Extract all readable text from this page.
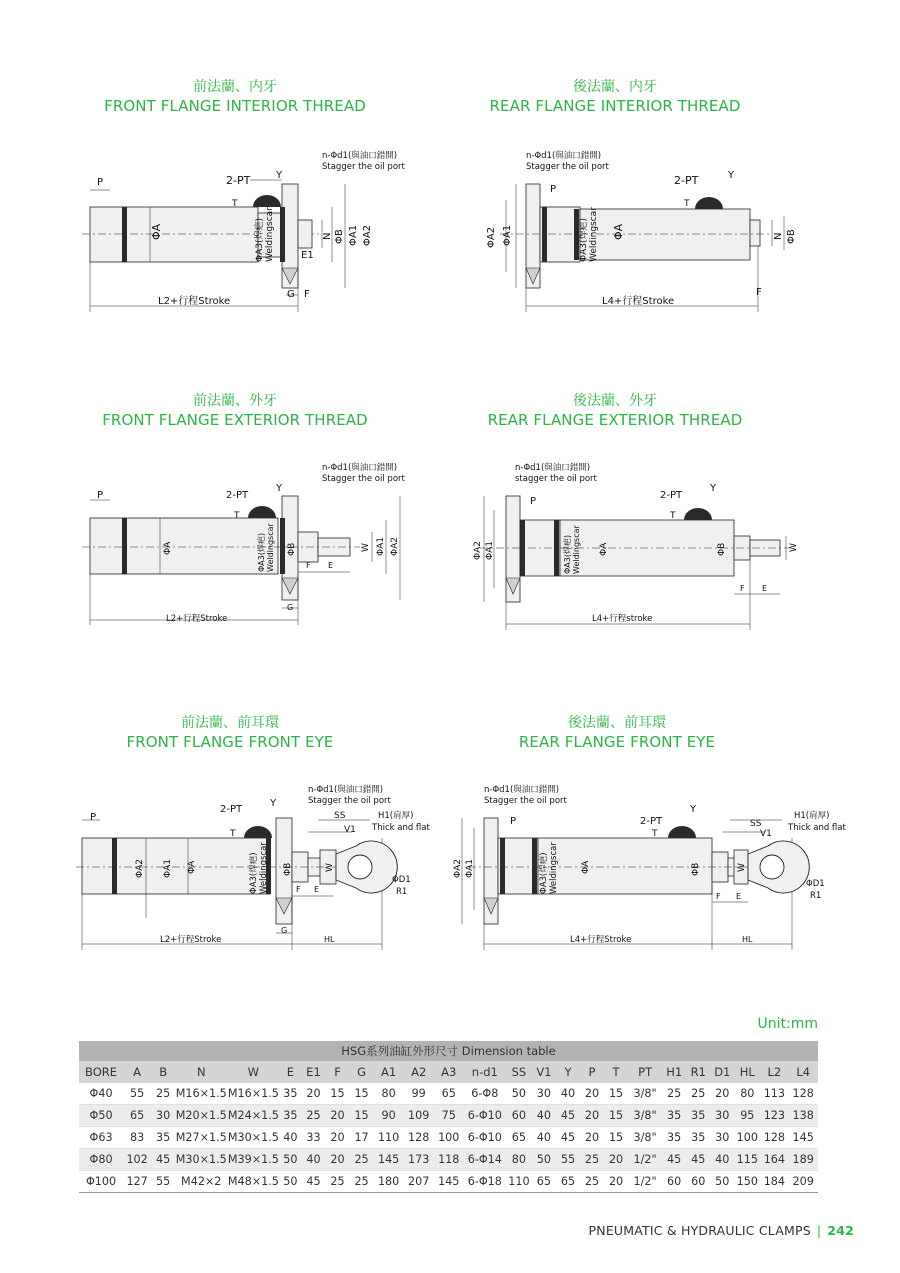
前法蘭、内牙
FRONT FLANGE INTERIOR THREAD
n-Φd1(與油口錯開)
Stagger the oil port
2-PT	Y
P
T
ΦA	ΦA3(焊疤) Weldingscar	N ΦB ΦA1 ΦA2
E1
G F
L2+行程Stroke
後法蘭、内牙
REAR FLANGE INTERIOR THREAD
n-Φd1(與油口錯開)
Stagger the oil port
2-PT	Y
P
T
ΦA2 ΦA1	ΦA3(焊疤) Weldingscar ΦA	N ΦB
F
L4+行程Stroke
前法蘭、外牙
FRONT FLANGE EXTERIOR THREAD
n-Φd1(與油口錯開)
Stagger the oil port
2-PT
Y
P
T
ΦA	ΦA3(焊疤) Weldingscar ΦB	W ΦA1 ΦA2
F E
G
L2+行程Stroke
後法蘭、外牙
REAR FLANGE EXTERIOR THREAD
n-Φd1(與油口錯開)
stagger the oil port
2-PT
Y
P
T
ΦA2 ΦA1	ΦA3(焊疤) Weldingscar ΦA	ΦB	W
F E
L4+行程stroke
前法蘭、前耳環
FRONT FLANGE FRONT EYE
n-Φd1(與油口錯開)
Stagger the oil port
2-PT
Y
P
T
SS
V1
H1(肩厚)
Thick and flat
ΦD1
R1
ΦA2 ΦA1 ΦA	ΦA3(焊疤) Weldingscar ΦB	W
F E
G
HL
L2+行程Stroke
後法蘭、前耳環
REAR FLANGE FRONT EYE
n-Φd1(與油口錯開)
Stagger the oil port
2-PT
Y
P
T
SS
V1
H1(肩厚)
Thick and flat
ΦD1
R1
ΦA2 ΦA1	ΦA3(焊疤) Weldingscar ΦA	ΦB	W
F E
HL
L4+行程Stroke
Unit:mm
HSG系列油缸外形尺寸 Dimension table																								
BORE	A	B	N	W	E	E1	F	G	A1	A2	A3	n-d1	SS	V1	Y	P	T	PT	H1	R1	D1	HL	L2	L4
Φ40	55	25	M16×1.5	M16×1.5	35	20	15	15	80	99	65	6-Φ8	50	30	40	20	15	3/8"	25	25	20	80	113	128
Φ50	65	30	M20×1.5	M24×1.5	35	25	20	15	90	109	75	6-Φ10	60	40	45	20	15	3/8"	35	35	30	95	123	138
Φ63	83	35	M27×1.5	M30×1.5	40	33	20	17	110	128	100	6-Φ10	65	40	45	20	15	3/8"	35	35	30	100	128	145
Φ80	102	45	M30×1.5	M39×1.5	50	40	20	25	145	173	118	6-Φ14	80	50	55	25	20	1/2"	45	45	40	115	164	189
Φ100	127	55	M42×2	M48×1.5	50	45	25	25	180	207	145	6-Φ18	110	65	65	25	20	1/2"	60	60	50	150	184	209
PNEUMATIC & HYDRAULIC CLAMPS | 242
